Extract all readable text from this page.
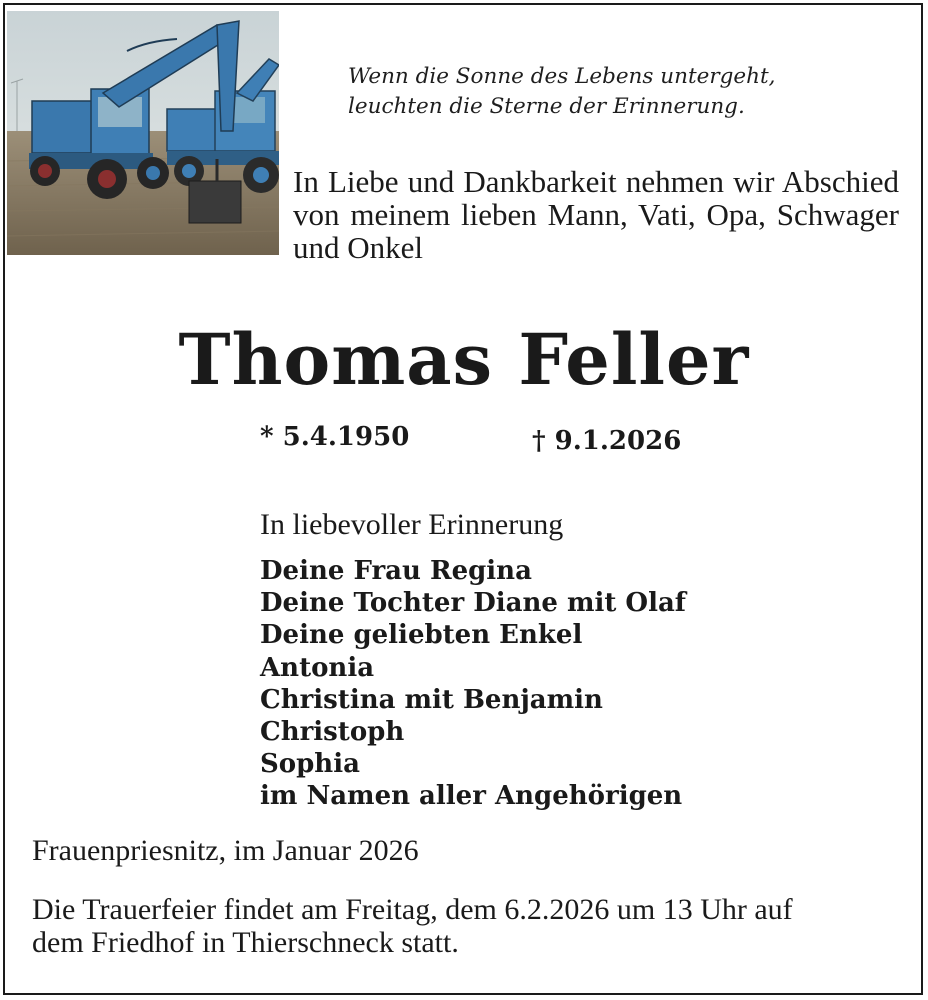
Wenn die Sonne des Lebens untergeht,
leuchten die Sterne der Erinnerung.
In Liebe und Dankbarkeit nehmen wir Abschied von meinem lieben Mann, Vati, Opa, Schwager und Onkel
Thomas Feller
* 5.4.1950	† 9.1.2026
In liebevoller Erinnerung
Deine Frau Regina
Deine Tochter Diane mit Olaf
Deine geliebten Enkel
Antonia
Christina mit Benjamin
Christoph
Sophia
im Namen aller Angehörigen
Frauenpriesnitz, im Januar 2026
Die Trauerfeier findet am Freitag, dem 6.2.2026 um 13 Uhr auf
dem Friedhof in Thierschneck statt.
